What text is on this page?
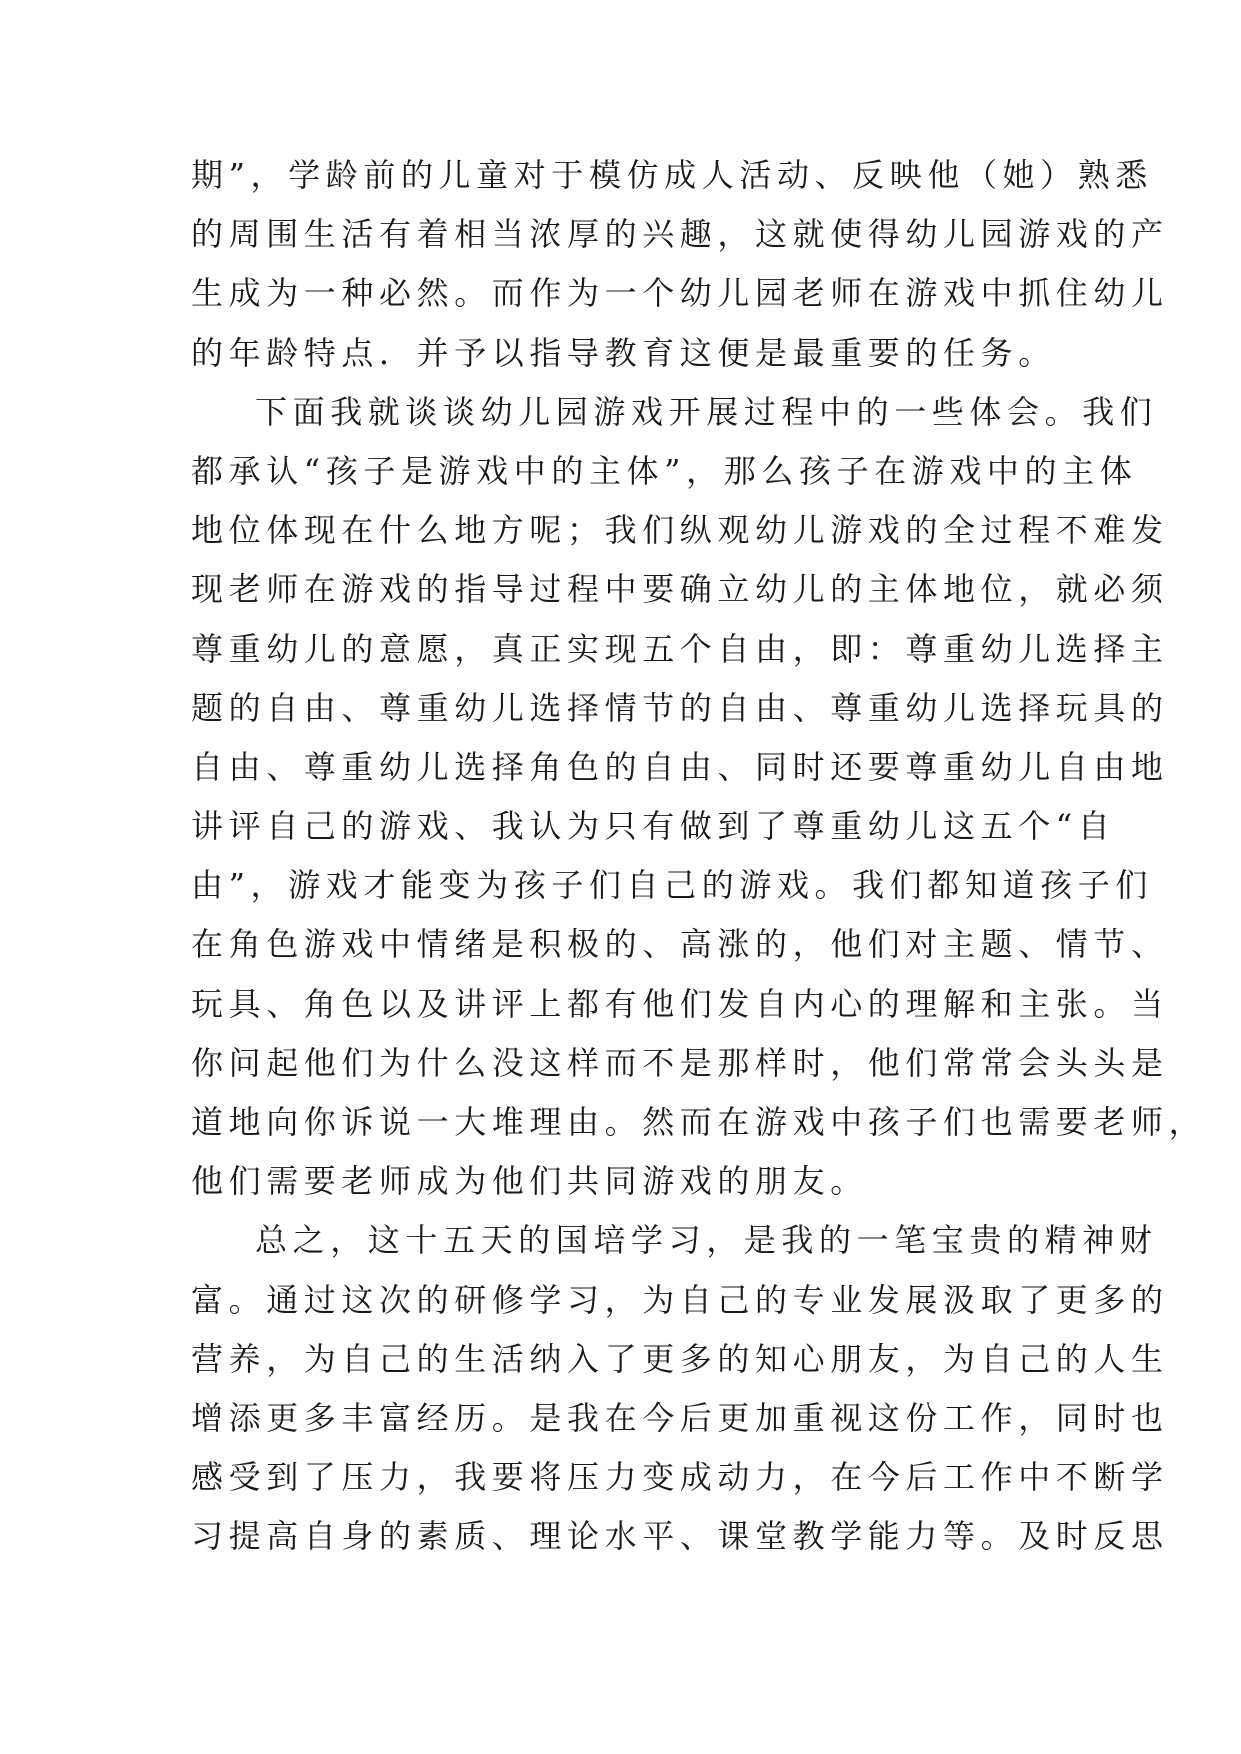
期”，学龄前的儿童对于模仿成人活动、反映他（她）熟悉
的周围生活有着相当浓厚的兴趣，这就使得幼儿园游戏的产
生成为一种必然。而作为一个幼儿园老师在游戏中抓住幼儿
的年龄特点．并予以指导教育这便是最重要的任务。
下面我就谈谈幼儿园游戏开展过程中的一些体会。我们
都承认“孩子是游戏中的主体”，那么孩子在游戏中的主体
地位体现在什么地方呢；我们纵观幼儿游戏的全过程不难发
现老师在游戏的指导过程中要确立幼儿的主体地位，就必须
尊重幼儿的意愿，真正实现五个自由，即：尊重幼儿选择主
题的自由、尊重幼儿选择情节的自由、尊重幼儿选择玩具的
自由、尊重幼儿选择角色的自由、同时还要尊重幼儿自由地
讲评自己的游戏、我认为只有做到了尊重幼儿这五个“自
由”，游戏才能变为孩子们自己的游戏。我们都知道孩子们
在角色游戏中情绪是积极的、高涨的，他们对主题、情节、
玩具、角色以及讲评上都有他们发自内心的理解和主张。当
你问起他们为什么没这样而不是那样时，他们常常会头头是
道地向你诉说一大堆理由。然而在游戏中孩子们也需要老师，
他们需要老师成为他们共同游戏的朋友。
总之，这十五天的国培学习，是我的一笔宝贵的精神财
富。通过这次的研修学习，为自己的专业发展汲取了更多的
营养，为自己的生活纳入了更多的知心朋友，为自己的人生
增添更多丰富经历。是我在今后更加重视这份工作，同时也
感受到了压力，我要将压力变成动力，在今后工作中不断学
习提高自身的素质、理论水平、课堂教学能力等。及时反思
